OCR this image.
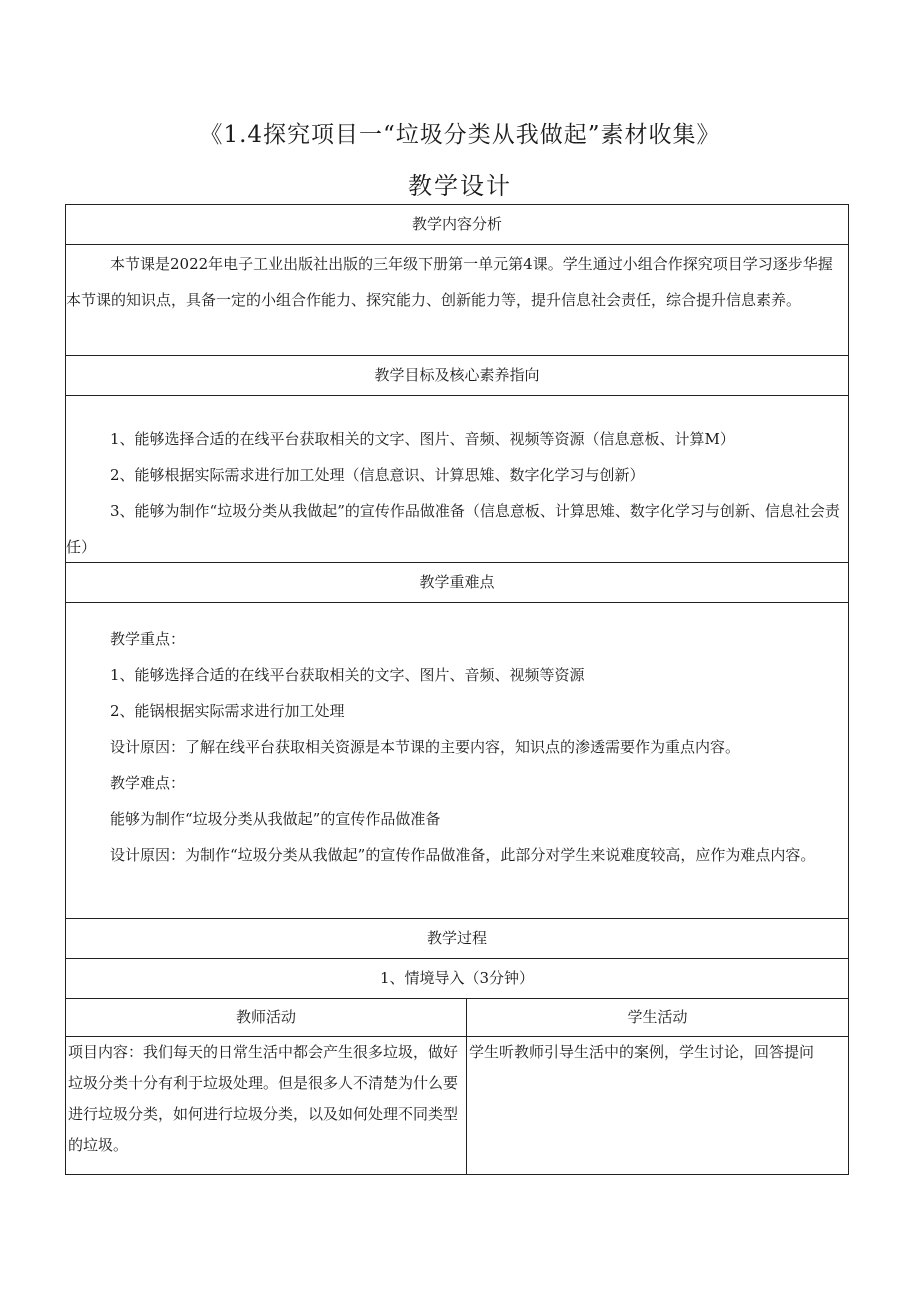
《1.4探究项目一“垃圾分类从我做起”素材收集》
教学设计
教学内容分析

本节课是2022年电子工业出版社出版的三年级下册第一单元第4课。学生通过小组合作探究项目学习逐步华握本节课的知识点，具备一定的小组合作能力、探究能力、创新能力等，提升信息社会责任，综合提升信息素养。

教学目标及核心素养指向

1、能够选择合适的在线平台获取相关的文字、图片、音频、视频等资源（信息意板、计算M）

2、能够根据实际需求进行加工处理（信息意识、计算思雉、数字化学习与创新）

3、能够为制作“垃圾分类从我做起”的宣传作品做准备（信息意板、计算思雉、数字化学习与创新、信息社会责任）

教学重难点

教学重点：

1、能够选择合适的在线平台获取相关的文字、图片、音频、视频等资源

2、能锅根据实际需求进行加工处理

设计原因：了解在线平台获取相关资源是本节课的主要内容，知识点的渗透需要作为重点内容。

教学难点：

能够为制作“垃圾分类从我做起”的宣传作品做准备

设计原因：为制作“垃圾分类从我做起”的宣传作品做准备，此部分对学生来说难度较高，应作为难点内容。

教学过程
1、情境导入（3分钟）
教师活动
项目内容：我们每天的日常生活中都会产生很多垃圾，做好垃圾分类十分有利于垃圾处理。但是很多人不清楚为什么要进行垃圾分类，如何进行垃圾分类，以及如何处理不同类型的垃圾。
学生活动
学生听教师引导生活中的案例，学生讨论，回答提问
